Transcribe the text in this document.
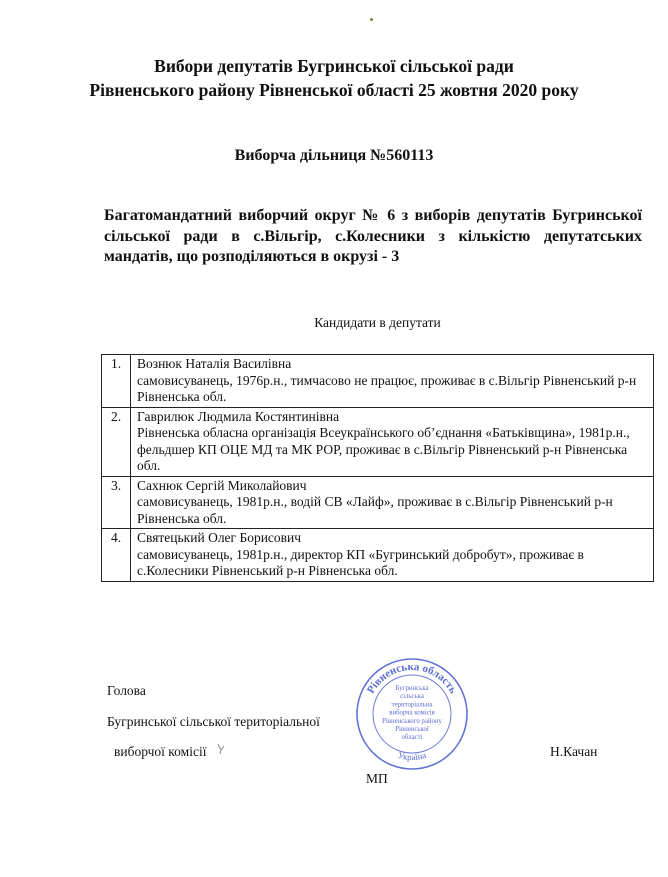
Вибори депутатів Бугринської сільської ради
Рівненського району Рівненської області 25 жовтня 2020 року
Виборча дільниця №560113
Багатомандатний виборчий округ № 6 з виборів депутатів Бугринської сільської ради в с.Вільгір, с.Колесники з кількістю депутатських мандатів, що розподіляються в окрузі - 3
Кандидати в депутати
1.	Вознюк Наталія Василівна
самовисуванець, 1976р.н., тимчасово не працює, проживає в с.Вільгір Рівненський р-н Рівненська обл.

2.	Гаврилюк Людмила Костянтинівна
Рівненська обласна організація Всеукраїнського об’єднання «Батьківщина», 1981р.н., фельдшер КП ОЦЕ МД та МК РОР, проживає в с.Вільгір Рівненський р-н Рівненська обл.

3.	Сахнюк Сергій Миколайович
самовисуванець, 1981р.н., водій СВ «Лайф», проживає в с.Вільгір Рівненський р-н Рівненська обл.

4.	Святецький Олег Борисович
самовисуванець, 1981р.н., директор КП «Бугринський добробут», проживає в с.Колесники Рівненський р-н Рівненська обл.
Голова
Бугринської сільської територіальної
виборчої комісії
МП
Н.Качан
Рівненська область
Україна
Бугринська
сільська
територіальна
виборча комісія
Рівненського району
Рівненської
області
